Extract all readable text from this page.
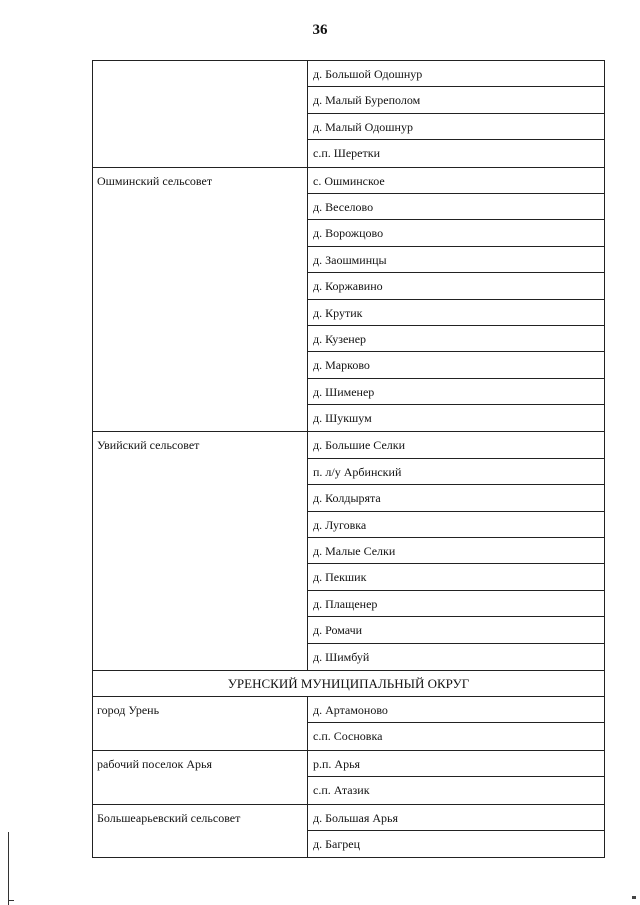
36
д. Большой Одошнур
д. Малый Буреполом
д. Малый Одошнур
с.п. Шеретки
Ошминский сельсовет	с. Ошминское
д. Веселово
д. Ворожцово
д. Заошминцы
д. Коржавино
д. Крутик
д. Кузенер
д. Марково
д. Шименер
д. Шукшум
Увийский сельсовет	д. Большие Селки
п. л/у Арбинский
д. Колдырята
д. Луговка
д. Малые Селки
д. Пекшик
д. Плащенер
д. Ромачи
д. Шимбуй
УРЕНСКИЙ МУНИЦИПАЛЬНЫЙ ОКРУГ
город Урень	д. Артамоново
с.п. Сосновка
рабочий поселок Арья	р.п. Арья
с.п. Атазик
Большеарьевский сельсовет	д. Большая Арья
д. Багрец
